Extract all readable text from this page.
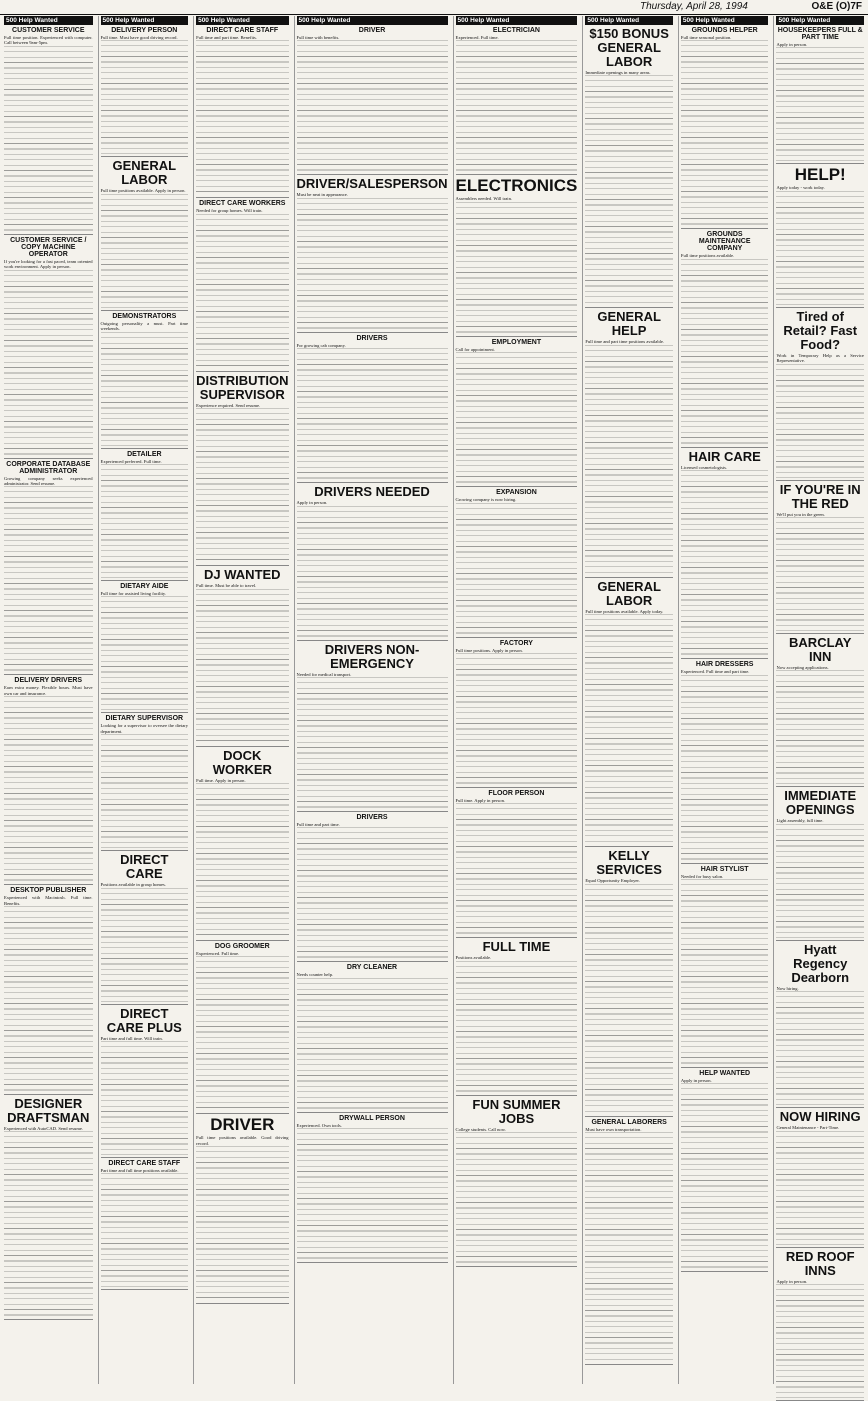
Thursday, April 28, 1994	O&E (O)7F
500 Help Wanted
CUSTOMER SERVICE
Full time position. Experienced with computer. Call between 9am-5pm.
CUSTOMER SERVICE / COPY MACHINE OPERATOR
If you're looking for a fast paced, team oriented work environment. Apply in person.
CORPORATE DATABASE ADMINISTRATOR
Growing company seeks experienced administrator. Send resume.
DELIVERY DRIVERS
Earn extra money. Flexible hours. Must have own car and insurance.
DESKTOP PUBLISHER
Experienced with Macintosh. Full time. Benefits.
DESIGNER DRAFTSMAN
Experienced with AutoCAD. Send resume.
500 Help Wanted
DELIVERY PERSON
Full time. Must have good driving record.
GENERAL LABOR
Full time positions available. Apply in person.
DEMONSTRATORS
Outgoing personality a must. Part time weekends.
DETAILER
Experienced preferred. Full time.
DIETARY AIDE
Full time for assisted living facility.
DIETARY SUPERVISOR
Looking for a supervisor to oversee the dietary department.
DIRECT CARE
Positions available in group homes.
DIRECT CARE PLUS
Part time and full time. Will train.
DIRECT CARE STAFF
Part time and full time positions available.
500 Help Wanted
DIRECT CARE STAFF
Full time and part time. Benefits.
DIRECT CARE WORKERS
Needed for group homes. Will train.
DISTRIBUTION SUPERVISOR
Experience required. Send resume.
DJ WANTED
Full time. Must be able to travel.
DOCK WORKER
Full time. Apply in person.
DOG GROOMER
Experienced. Full time.
DRIVER
Full time positions available. Good driving record.
500 Help Wanted
DRIVER
Full time with benefits.
DRIVER/SALESPERSON
Must be neat in appearance.
DRIVERS
For growing cab company.
DRIVERS NEEDED
Apply in person.
DRIVERS NON-EMERGENCY
Needed for medical transport.
DRIVERS
Full time and part time.
DRY CLEANER
Needs counter help.
DRYWALL PERSON
Experienced. Own tools.
500 Help Wanted
ELECTRICIAN
Experienced. Full time.
ELECTRONICS
Assemblers needed. Will train.
EMPLOYMENT
Call for appointment.
EXPANSION
Growing company is now hiring.
FACTORY
Full time positions. Apply in person.
FLOOR PERSON
Full time. Apply in person.
FULL TIME
Positions available.
FUN SUMMER JOBS
College students. Call now.
500 Help Wanted
$150 BONUS GENERAL LABOR
Immediate openings in many areas.
GENERAL HELP
Full time and part time positions available.
GENERAL LABOR
Full time positions available. Apply today.
KELLY SERVICES
Equal Opportunity Employer.
GENERAL LABORERS
Must have own transportation.
500 Help Wanted
GROUNDS HELPER
Full time seasonal position.
GROUNDS MAINTENANCE COMPANY
Full time positions available.
HAIR CARE
Licensed cosmetologists.
HAIR DRESSERS
Experienced. Full time and part time.
HAIR STYLIST
Needed for busy salon.
HELP WANTED
Apply in person.
500 Help Wanted
HOUSEKEEPERS FULL & PART TIME
Apply in person.
HELP!
Apply today - work today.
Tired of Retail? Fast Food?
Work in Temporary Help as a Service Representative.
IF YOU'RE IN THE RED
We'll put you in the green.
BARCLAY INN
Now accepting applications.
IMMEDIATE OPENINGS
Light assembly, full time.
Hyatt Regency Dearborn
Now hiring.
NOW HIRING
General Maintenance - Part-Time.
RED ROOF INNS
Apply in person.
